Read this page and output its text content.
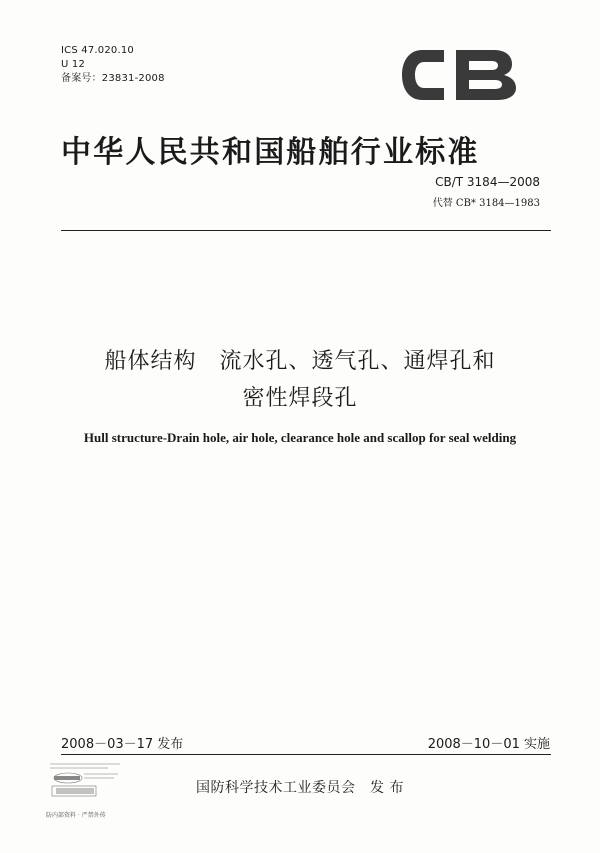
ICS 47.020.10
U 12
备案号：23831-2008
中华人民共和国船舶行业标准
CB/T 3184—2008
代替 CB* 3184—1983
船体结构　流水孔、透气孔、通焊孔和
密性焊段孔
Hull structure-Drain hole, air hole, clearance hole and scallop for seal welding
2008－03－17 发布	2008－10－01 实施
防内部资料 · 严禁外传
国防科学技术工业委员会　发 布
